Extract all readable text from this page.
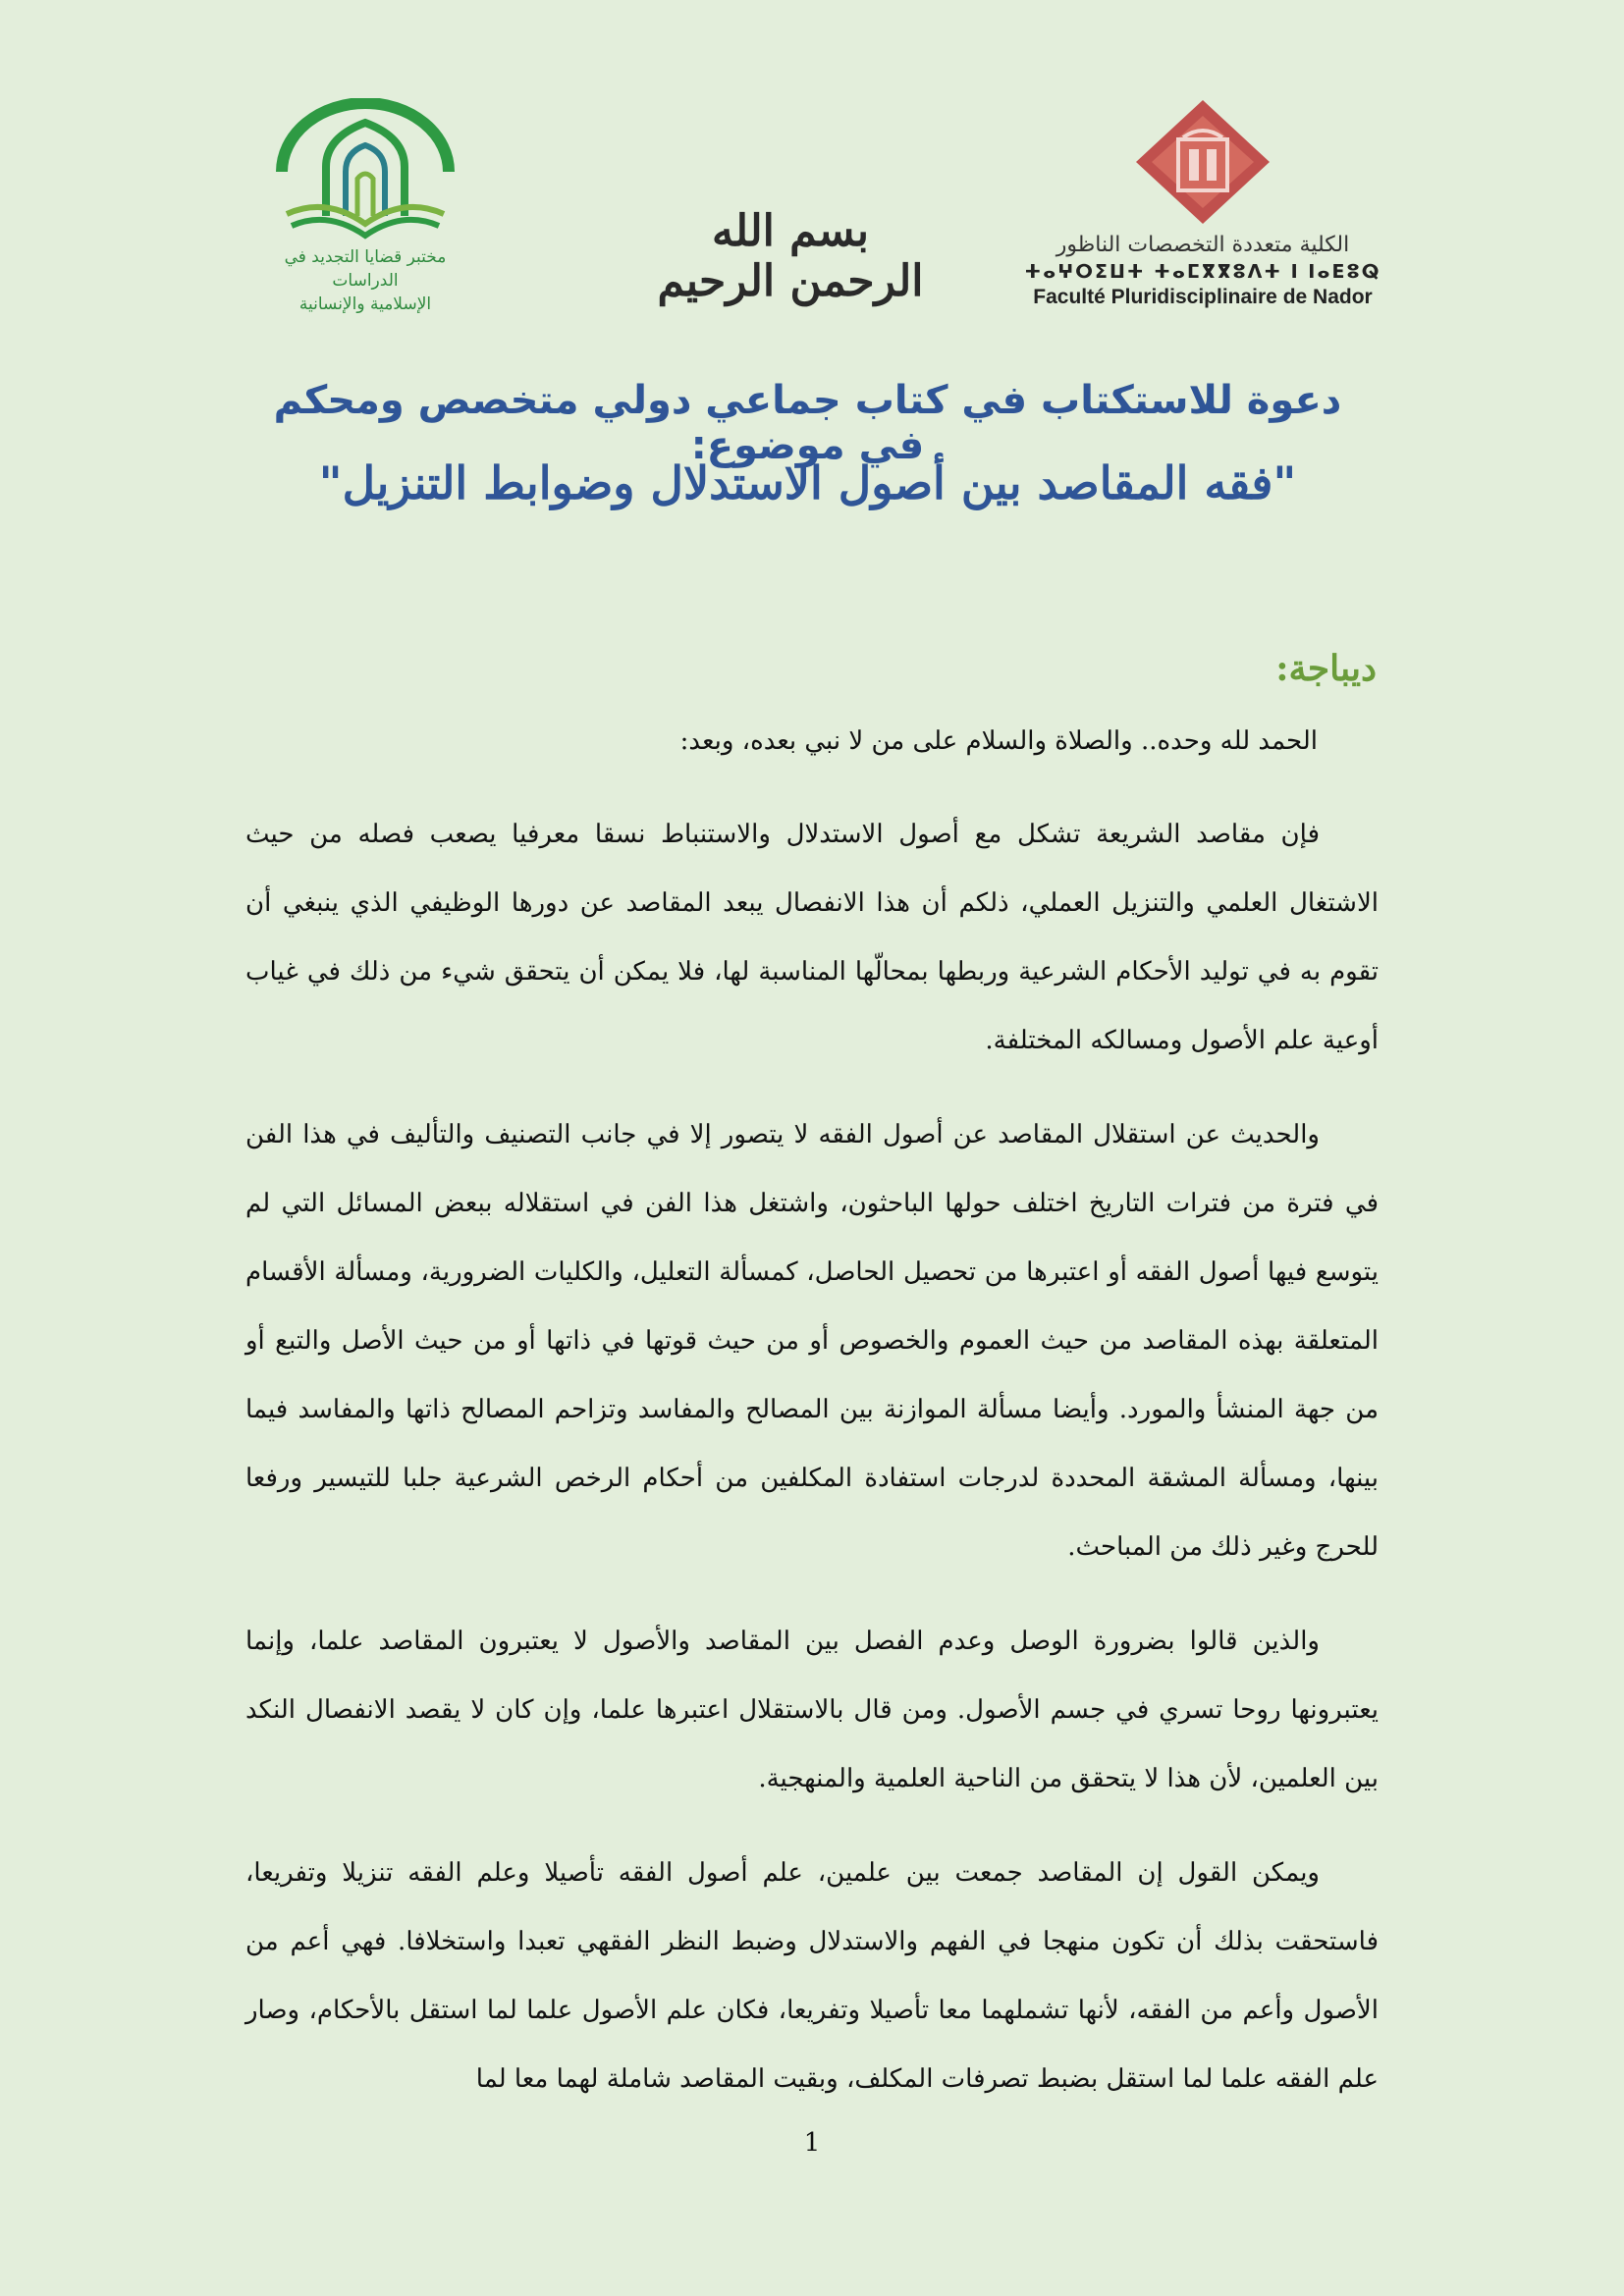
مختبر قضايا التجديد في الدراسات
الإسلامية والإنسانية
بسم الله الرحمن الرحيم
الكلية متعددة التخصصات الناظور
ⵜⴰⵖⵔⵉⵡⵜ ⵜⴰⵎⴳⴳⵓⴷⵜ ⵏ ⵏⴰⴹⵓⵕ
Faculté Pluridisciplinaire de Nador
دعوة للاستكتاب في كتاب جماعي دولي متخصص ومحكم في موضوع:
"فقه المقاصد بين أصول الاستدلال وضوابط التنزيل"
ديباجة:
الحمد لله وحده.. والصلاة والسلام على من لا نبي بعده، وبعد:

فإن مقاصد الشريعة تشكل مع أصول الاستدلال والاستنباط نسقا معرفيا يصعب فصله من حيث الاشتغال العلمي والتنزيل العملي، ذلكم أن هذا الانفصال يبعد المقاصد عن دورها الوظيفي الذي ينبغي أن تقوم به في توليد الأحكام الشرعية وربطها بمحالّها المناسبة لها، فلا يمكن أن يتحقق شيء من ذلك في غياب أوعية علم الأصول ومسالكه المختلفة.

والحديث عن استقلال المقاصد عن أصول الفقه لا يتصور إلا في جانب التصنيف والتأليف في هذا الفن في فترة من فترات التاريخ اختلف حولها الباحثون، واشتغل هذا الفن في استقلاله ببعض المسائل التي لم يتوسع فيها أصول الفقه أو اعتبرها من تحصيل الحاصل، كمسألة التعليل، والكليات الضرورية، ومسألة الأقسام المتعلقة بهذه المقاصد من حيث العموم والخصوص أو من حيث قوتها في ذاتها أو من حيث الأصل والتبع أو من جهة المنشأ والمورد. وأيضا مسألة الموازنة بين المصالح والمفاسد وتزاحم المصالح ذاتها والمفاسد فيما بينها، ومسألة المشقة المحددة لدرجات استفادة المكلفين من أحكام الرخص الشرعية جلبا للتيسير ورفعا للحرج وغير ذلك من المباحث.

والذين قالوا بضرورة الوصل وعدم الفصل بين المقاصد والأصول لا يعتبرون المقاصد علما، وإنما يعتبرونها روحا تسري في جسم الأصول. ومن قال بالاستقلال اعتبرها علما، وإن كان لا يقصد الانفصال النكد بين العلمين، لأن هذا لا يتحقق من الناحية العلمية والمنهجية.

ويمكن القول إن المقاصد جمعت بين علمين، علم أصول الفقه تأصيلا وعلم الفقه تنزيلا وتفريعا، فاستحقت بذلك أن تكون منهجا في الفهم والاستدلال وضبط النظر الفقهي تعبدا واستخلافا. فهي أعم من الأصول وأعم من الفقه، لأنها تشملهما معا تأصيلا وتفريعا، فكان علم الأصول علما لما استقل بالأحكام، وصار علم الفقه علما لما استقل بضبط تصرفات المكلف، وبقيت المقاصد شاملة لهما معا لما

1
